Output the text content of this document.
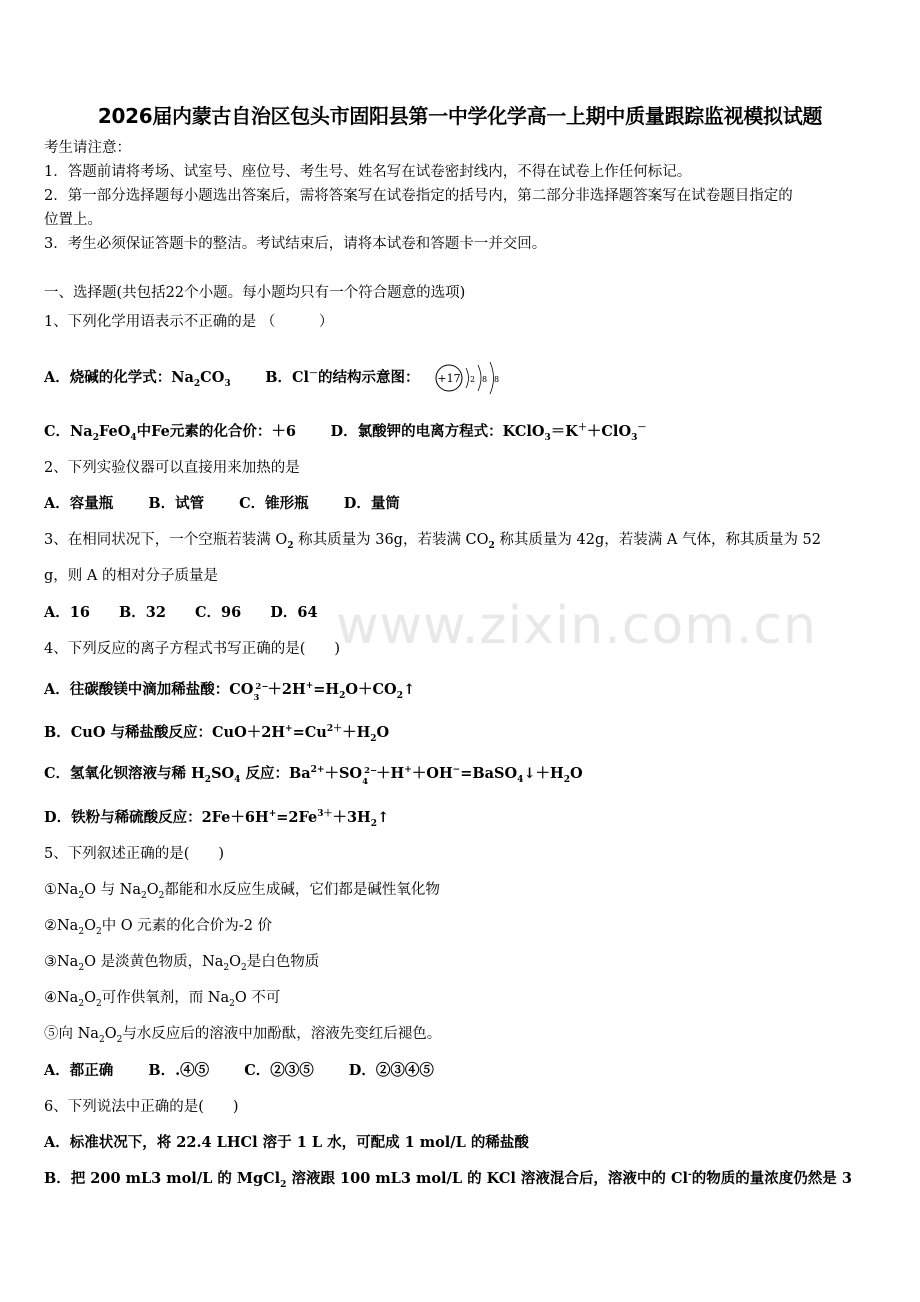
2026届内蒙古自治区包头市固阳县第一中学化学高一上期中质量跟踪监视模拟试题
考生请注意：
1．答题前请将考场、试室号、座位号、考生号、姓名写在试卷密封线内，不得在试卷上作任何标记。
2．第一部分选择题每小题选出答案后，需将答案写在试卷指定的括号内，第二部分非选择题答案写在试卷题目指定的
位置上。
3．考生必须保证答题卡的整洁。考试结束后，请将本试卷和答题卡一并交回。
一、选择题(共包括22个小题。每小题均只有一个符合题意的选项)
1、下列化学用语表示不正确的是 （　　　）
A．烧碱的化学式：$Na_2CO_3$ B．Cl－的结构示意图： +17 2 8 8
C．$Na_2FeO_4$中Fe元素的化合价：＋6 D．氯酸钾的电离方程式：KClO$_3$＝K＋＋ClO$_3$－
2、下列实验仪器可以直接用来加热的是
A．容量瓶 B．试管 C．锥形瓶 D．量筒
3、在相同状况下，一个空瓶若装满 $O_2$ 称其质量为 36g，若装满 $CO_2$ 称其质量为 42g，若装满 A 气体，称其质量为 52
g，则 A 的相对分子质量是
A．16 B．32 C．96 D．64
4、下列反应的离子方程式书写正确的是(　　)
A．往碳酸镁中滴加稀盐酸：CO 2−
$3 +2H^+=H_2O+CO_2↑$
B．CuO 与稀盐酸反应：$CuO+2H^+=Cu^{2+}+H_2O$
C．氢氧化钡溶液与稀 $H_2SO_4$ 反应：$Ba^{2+}+SO$ 2−
$4 +H^++OH^-=BaSO_4↓+H_2O$
D．铁粉与稀硫酸反应：$2Fe+6H^+=2Fe^{3+}+3H_2↑$
5、下列叙述正确的是(　　)
$①Na_2O$ 与 $Na_2O_2$都能和水反应生成碱，它们都是碱性氧化物
$②Na_2O_2$中 O 元素的化合价为-2 价
$③Na_2O$ 是淡黄色物质，$Na_2O_2$是白色物质
$④Na_2O_2$可作供氧剂，而 $Na_2O$ 不可
⑤向 $Na_2O_2$与水反应后的溶液中加酚酞，溶液先变红后褪色。
A．都正确 B．.④⑤ C．②③⑤ D．②③④⑤
6、下列说法中正确的是(　　)
A．标准状况下，将 22.4 LHCl 溶于 1 L 水，可配成 1 mol/L 的稀盐酸
B．把 200 mL3 mol/L 的 MgCl$_2$ 溶液跟 100 mL3 mol/L 的 KCl 溶液混合后，溶液中的 Cl-的物质的量浓度仍然是 3
www.zixin.com.cn
